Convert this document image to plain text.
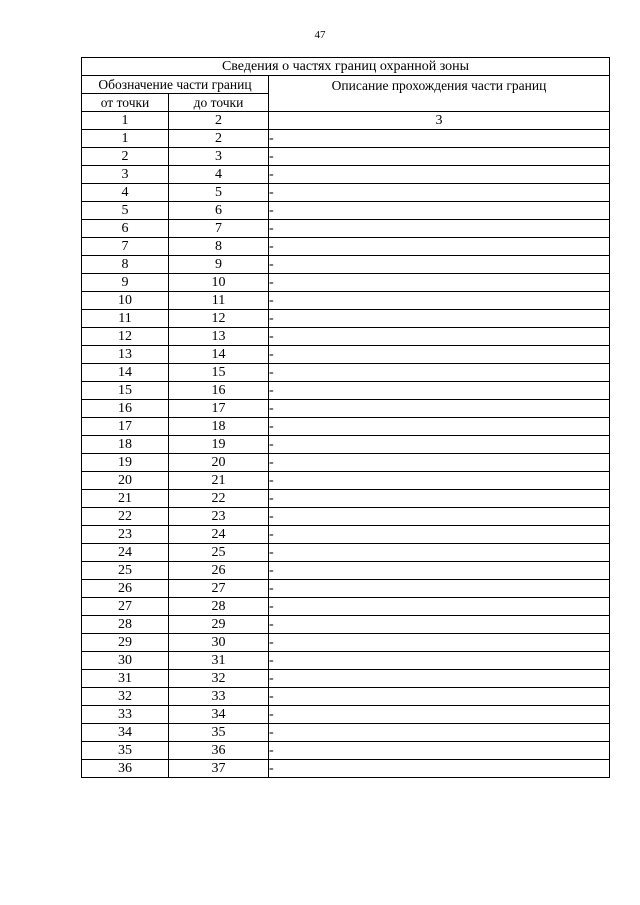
47
Сведения о частях границ охранной зоны		
Обозначение части границ		Описание прохождения части границ
от точки	до точки	
1	2	3
1	2	-
2	3	-
3	4	-
4	5	-
5	6	-
6	7	-
7	8	-
8	9	-
9	10	-
10	11	-
11	12	-
12	13	-
13	14	-
14	15	-
15	16	-
16	17	-
17	18	-
18	19	-
19	20	-
20	21	-
21	22	-
22	23	-
23	24	-
24	25	-
25	26	-
26	27	-
27	28	-
28	29	-
29	30	-
30	31	-
31	32	-
32	33	-
33	34	-
34	35	-
35	36	-
36	37	-
